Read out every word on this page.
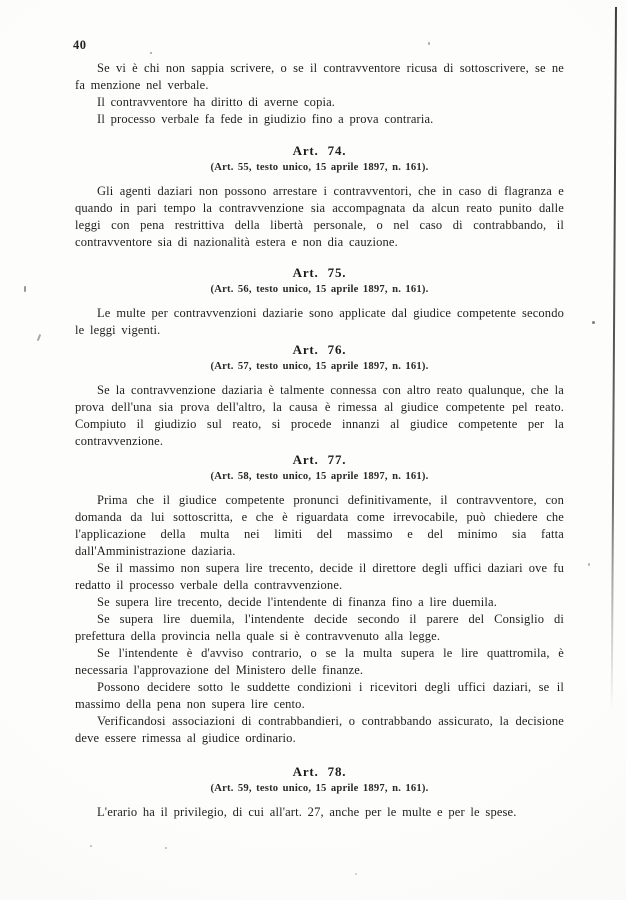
40

Se vi è chi non sappia scrivere, o se il contravventore ricusa di sottoscrivere, se ne fa menzione nel verbale.

Il contravventore ha diritto di averne copia.

Il processo verbale fa fede in giudizio fino a prova contraria.

Art. 74.
(Art. 55, testo unico, 15 aprile 1897, n. 161).

Gli agenti daziari non possono arrestare i contravventori, che in caso di flagranza e quando in pari tempo la contravvenzione sia accompagnata da alcun reato punito dalle leggi con pena restrittiva della libertà personale, o nel caso di contrabbando, il contravventore sia di nazionalità estera e non dia cauzione.

Art. 75.
(Art. 56, testo unico, 15 aprile 1897, n. 161).

Le multe per contravvenzioni daziarie sono applicate dal giudice competente secondo le leggi vigenti.

Art. 76.
(Art. 57, testo unico, 15 aprile 1897, n. 161).

Se la contravvenzione daziaria è talmente connessa con altro reato qualunque, che la prova dell'una sia prova dell'altro, la causa è rimessa al giudice competente pel reato. Compiuto il giudizio sul reato, si procede innanzi al giudice competente per la contravvenzione.

Art. 77.
(Art. 58, testo unico, 15 aprile 1897, n. 161).

Prima che il giudice competente pronunci definitivamente, il contravventore, con domanda da lui sottoscritta, e che è riguardata come irrevocabile, può chiedere che l'applicazione della multa nei limiti del massimo e del minimo sia fatta dall'Amministrazione daziaria.

Se il massimo non supera lire trecento, decide il direttore degli uffici daziari ove fu redatto il processo verbale della contravvenzione.

Se supera lire trecento, decide l'intendente di finanza fino a lire duemila.

Se supera lire duemila, l'intendente decide secondo il parere del Consiglio di prefettura della provincia nella quale si è contravvenuto alla legge.

Se l'intendente è d'avviso contrario, o se la multa supera le lire quattromila, è necessaria l'approvazione del Ministero delle finanze.

Possono decidere sotto le suddette condizioni i ricevitori degli uffici daziari, se il massimo della pena non supera lire cento.

Verificandosi associazioni di contrabbandieri, o contrabbando assicurato, la decisione deve essere rimessa al giudice ordinario.

Art. 78.
(Art. 59, testo unico, 15 aprile 1897, n. 161).

L'erario ha il privilegio, di cui all'art. 27, anche per le multe e per le spese.
